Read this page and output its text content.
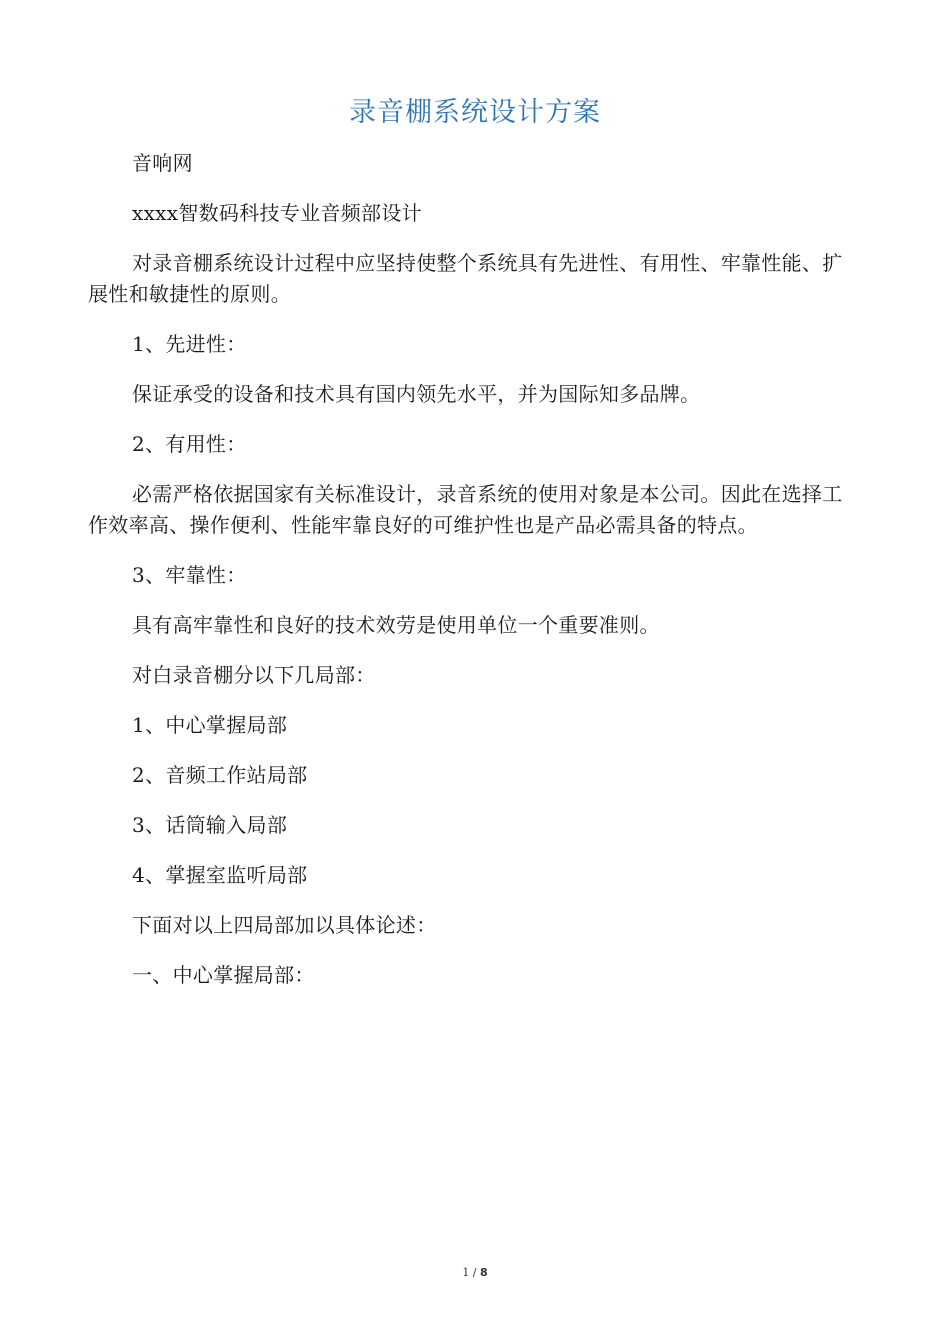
录音棚系统设计方案

音响网

xxxx智数码科技专业音频部设计

对录音棚系统设计过程中应坚持使整个系统具有先进性、有用性、牢靠性能、扩展性和敏捷性的原则。

1、先进性：

保证承受的设备和技术具有国内领先水平，并为国际知多品牌。

2、有用性：

必需严格依据国家有关标准设计，录音系统的使用对象是本公司。因此在选择工作效率高、操作便利、性能牢靠良好的可维护性也是产品必需具备的特点。

3、牢靠性：

具有高牢靠性和良好的技术效劳是使用单位一个重要准则。

对白录音棚分以下几局部：

1、中心掌握局部

2、音频工作站局部

3、话筒输入局部

4、掌握室监听局部

下面对以上四局部加以具体论述：

一、中心掌握局部：

1 / 8
